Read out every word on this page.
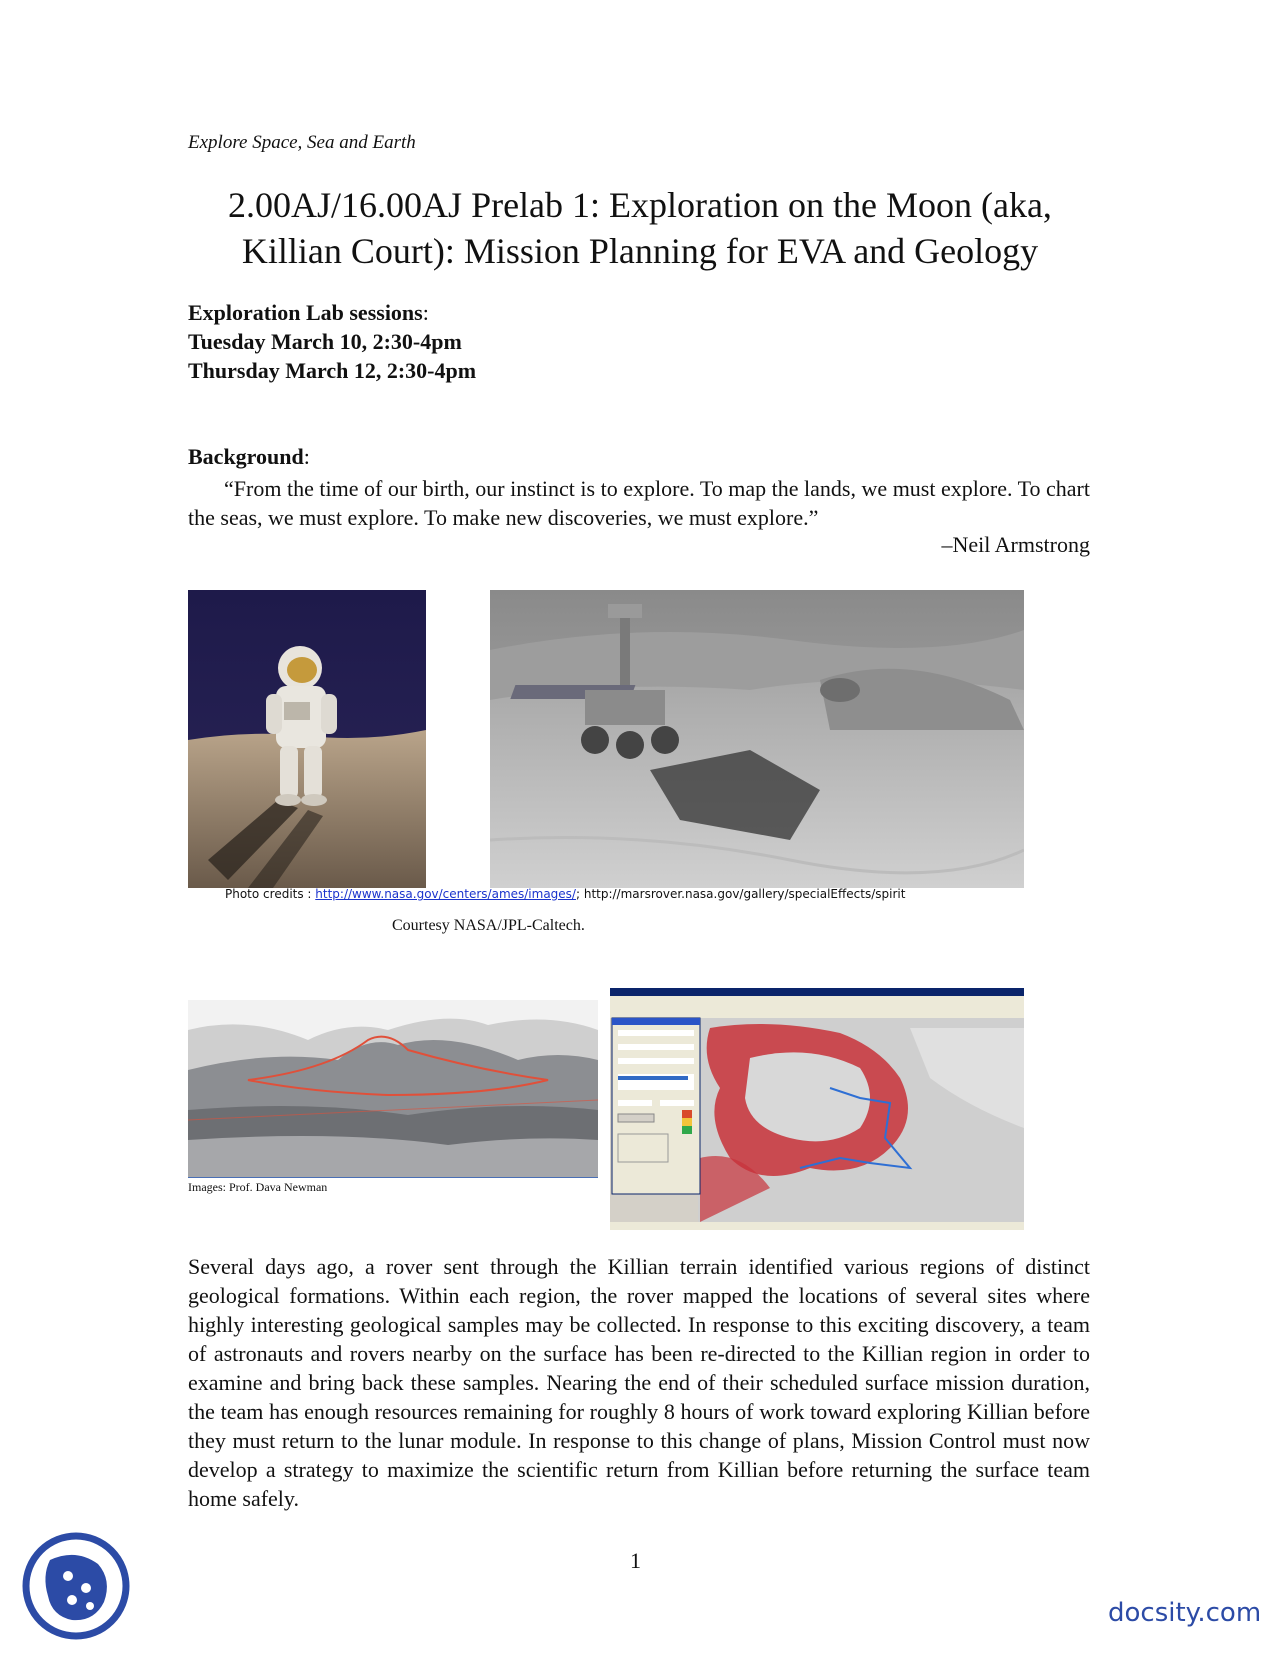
Explore Space, Sea and Earth
2.00AJ/16.00AJ Prelab 1: Exploration on the Moon (aka,
Killian Court): Mission Planning for EVA and Geology
Exploration Lab sessions:
Tuesday March 10, 2:30-4pm
Thursday March 12, 2:30-4pm
Background:
“From the time of our birth, our instinct is to explore. To map the lands, we must explore. To chart the seas, we must explore. To make new discoveries, we must explore.”
–Neil Armstrong
Photo credits : http://www.nasa.gov/centers/ames/images/; http://marsrover.nasa.gov/gallery/specialEffects/spirit
Courtesy NASA/JPL-Caltech.
Images: Prof. Dava Newman
Several days ago, a rover sent through the Killian terrain identified various regions of distinct geological formations. Within each region, the rover mapped the locations of several sites where highly interesting geological samples may be collected. In response to this exciting discovery, a team of astronauts and rovers nearby on the surface has been re-directed to the Killian region in order to examine and bring back these samples. Nearing the end of their scheduled surface mission duration, the team has enough resources remaining for roughly 8 hours of work toward exploring Killian before they must return to the lunar module. In response to this change of plans, Mission Control must now develop a strategy to maximize the scientific return from Killian before returning the surface team home safely.
1
docsity.com
